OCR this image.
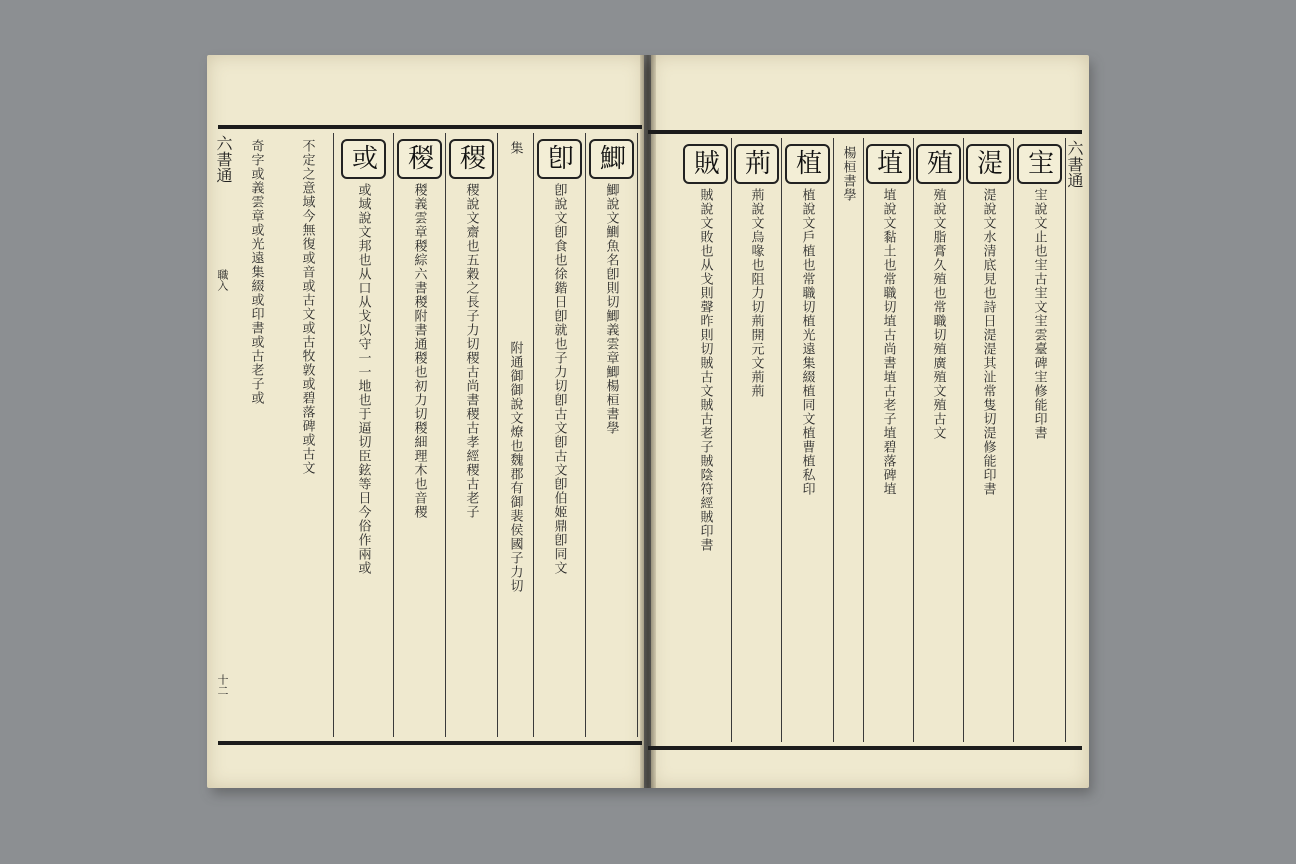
六書通
宔
宔說文止也宔古宔文宔雲臺碑宔修能印書
湜
湜說文水清底見也詩日湜湜其沚常隻切湜修能印書
殖
殖說文脂膏久殖也常職切殖廣殖文殖古文
埴
埴說文黏土也常職切埴古尚書埴古老子埴碧落碑埴
楊桓書學
植
植說文戶植也常職切植光遠集綴植同文植曹植私印
荊
荊說文烏喙也阻力切荊開元文荊荊
賊
賊說文敗也从戈則聲昨則切賊古文賊古老子賊陰符經賊印書
六書通
十二
職入
鯽
鯽說文鰂魚名卽則切鯽義雲章鯽楊桓書學
卽
卽說文卽食也徐鍇日卽就也子力切卽古文卽古文卽伯姬鼎卽同文
集
附通御御說文燎也魏郡有御裴侯國子力切
稷
稷說文齋也五穀之長子力切稷古尚書稷古孝經稷古老子
稯
稯義雲章稯綜六書稯附書通稯也初力切稯細理木也音稷
或
或域說文邦也从口从戈以守一一地也于逼切臣鉉等日今俗作兩或
不定之意域今無復或音或古文或古牧敦或碧落碑或古文
奇字或義雲章或光遠集綴或印書或古老子或
